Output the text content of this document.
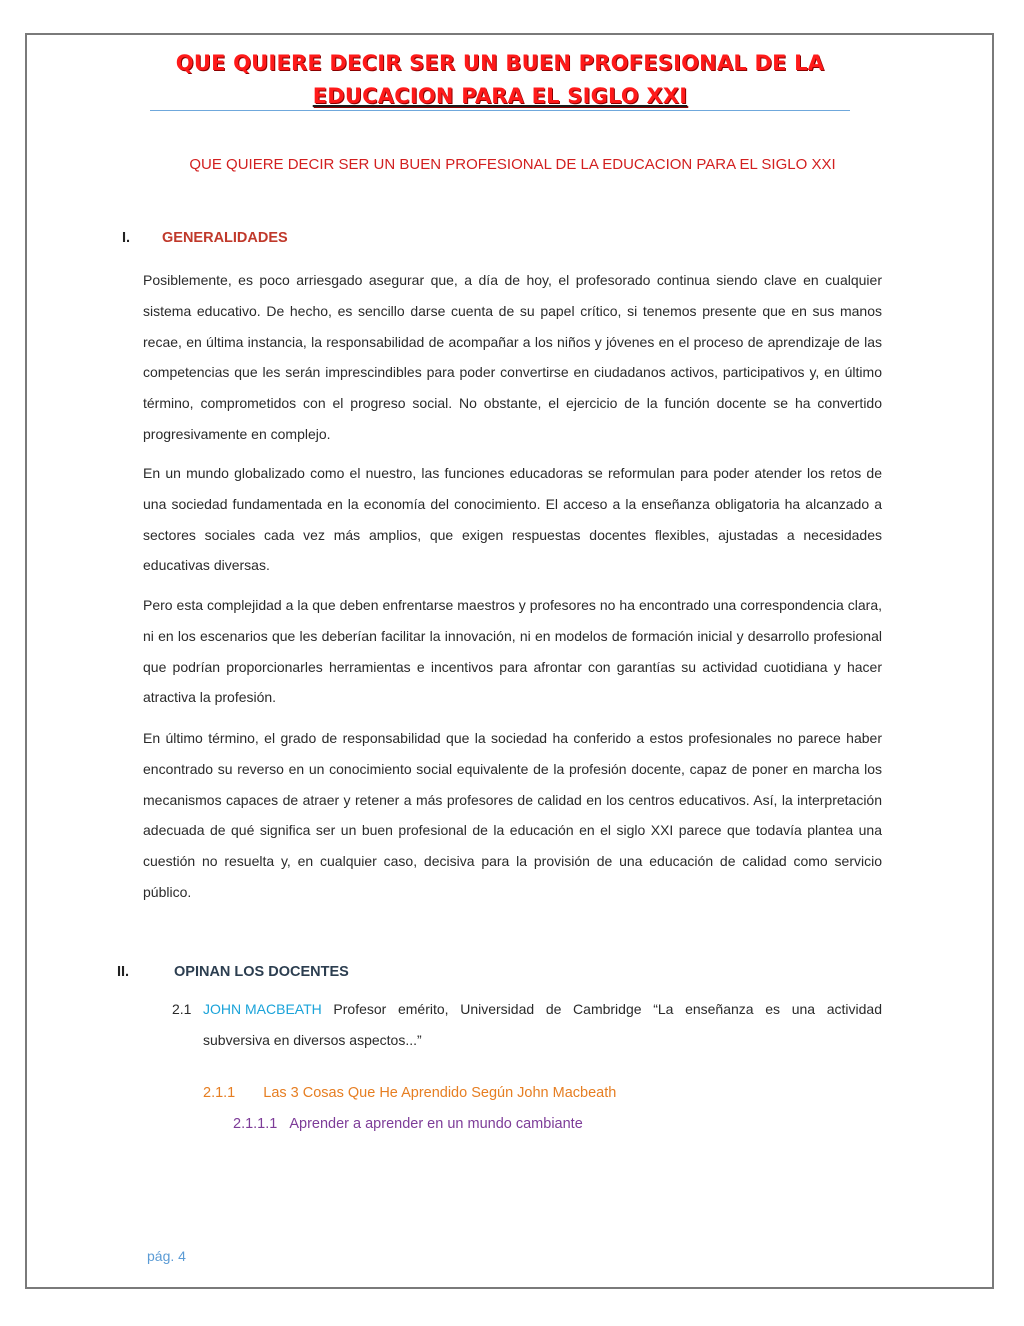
QUE QUIERE DECIR SER UN BUEN PROFESIONAL DE LA
EDUCACION PARA EL SIGLO XXI
QUE QUIERE DECIR SER UN BUEN PROFESIONAL DE LA EDUCACION PARA EL SIGLO XXI
I. GENERALIDADES
Posiblemente, es poco arriesgado asegurar que, a día de hoy, el profesorado continua siendo clave en cualquier sistema educativo. De hecho, es sencillo darse cuenta de su papel crítico, si tenemos presente que en sus manos recae, en última instancia, la responsabilidad de acompañar a los niños y jóvenes en el proceso de aprendizaje de las competencias que les serán imprescindibles para poder convertirse en ciudadanos activos, participativos y, en último término, comprometidos con el progreso social. No obstante, el ejercicio de la función docente se ha convertido progresivamente en complejo.
En un mundo globalizado como el nuestro, las funciones educadoras se reformulan para poder atender los retos de una sociedad fundamentada en la economía del conocimiento. El acceso a la enseñanza obligatoria ha alcanzado a sectores sociales cada vez más amplios, que exigen respuestas docentes flexibles, ajustadas a necesidades educativas diversas.
Pero esta complejidad a la que deben enfrentarse maestros y profesores no ha encontrado una correspondencia clara, ni en los escenarios que les deberían facilitar la innovación, ni en modelos de formación inicial y desarrollo profesional que podrían proporcionarles herramientas e incentivos para afrontar con garantías su actividad cuotidiana y hacer atractiva la profesión.
En último término, el grado de responsabilidad que la sociedad ha conferido a estos profesionales no parece haber encontrado su reverso en un conocimiento social equivalente de la profesión docente, capaz de poner en marcha los mecanismos capaces de atraer y retener a más profesores de calidad en los centros educativos. Así, la interpretación adecuada de qué significa ser un buen profesional de la educación en el siglo XXI parece que todavía plantea una cuestión no resuelta y, en cualquier caso, decisiva para la provisión de una educación de calidad como servicio público.
II.	OPINAN LOS DOCENTES
2.1 JOHN MACBEATH Profesor emérito, Universidad de Cambridge “La enseñanza es una actividad
subversiva en diversos aspectos...”
2.1.1 Las 3 Cosas Que He Aprendido Según John Macbeath
2.1.1.1 Aprender a aprender en un mundo cambiante
pág. 4
